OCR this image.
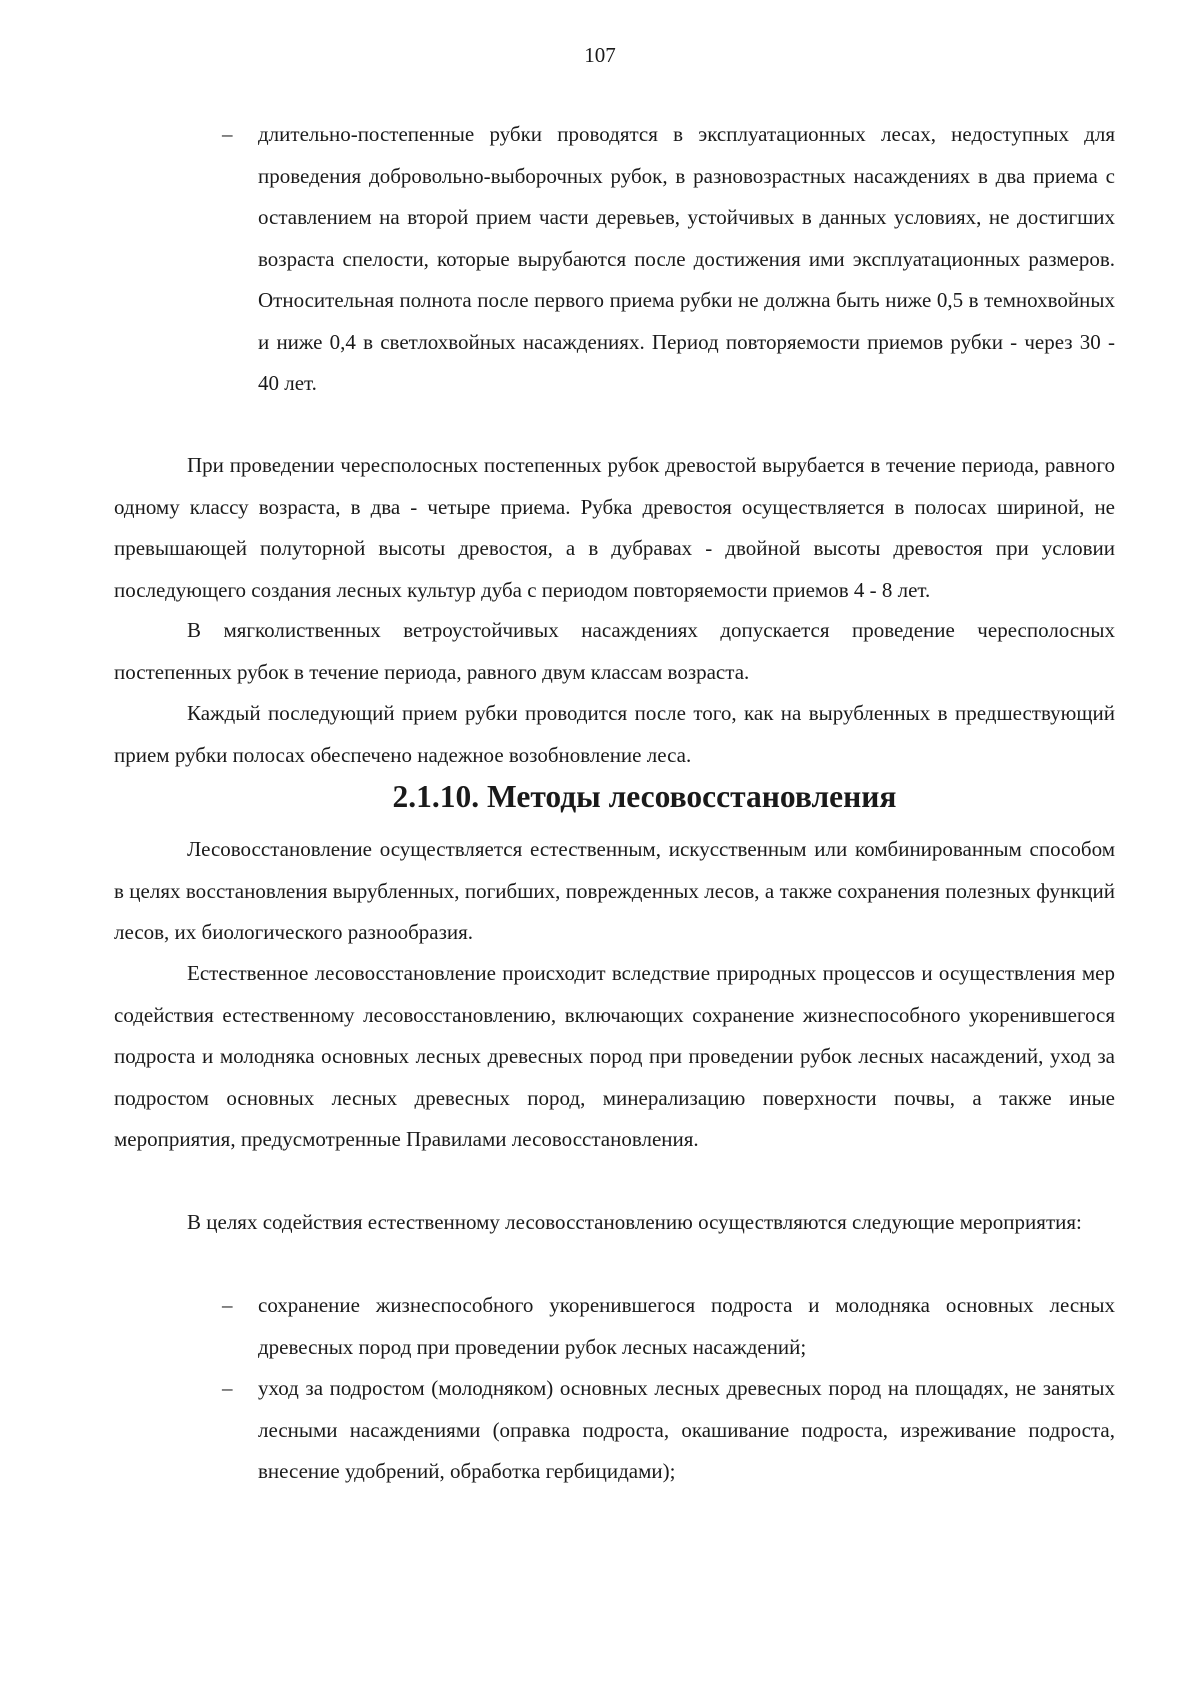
107

– длительно-постепенные рубки проводятся в эксплуатационных лесах, недоступных для проведения добровольно-выборочных рубок, в разновозрастных насаждениях в два приема с оставлением на второй прием части деревьев, устойчивых в данных условиях, не достигших возраста спелости, которые вырубаются после достижения ими эксплуатационных размеров. Относительная полнота после первого приема рубки не должна быть ниже 0,5 в темнохвойных и ниже 0,4 в светлохвойных насаждениях. Период повторяемости приемов рубки - через 30 - 40 лет.

При проведении чересполосных постепенных рубок древостой вырубается в течение периода, равного одному классу возраста, в два - четыре приема. Рубка древостоя осуществляется в полосах шириной, не превышающей полуторной высоты древостоя, а в дубравах - двойной высоты древостоя при условии последующего создания лесных культур дуба с периодом повторяемости приемов 4 - 8 лет.

В мягколиственных ветроустойчивых насаждениях допускается проведение чересполосных постепенных рубок в течение периода, равного двум классам возраста.

Каждый последующий прием рубки проводится после того, как на вырубленных в предшествующий прием рубки полосах обеспечено надежное возобновление леса.

2.1.10. Методы лесовосстановления

Лесовосстановление осуществляется естественным, искусственным или комбинированным способом в целях восстановления вырубленных, погибших, поврежденных лесов, а также сохранения полезных функций лесов, их биологического разнообразия.

Естественное лесовосстановление происходит вследствие природных процессов и осуществления мер содействия естественному лесовосстановлению, включающих сохранение жизнеспособного укоренившегося подроста и молодняка основных лесных древесных пород при проведении рубок лесных насаждений, уход за подростом основных лесных древесных пород, минерализацию поверхности почвы, а также иные мероприятия, предусмотренные Правилами лесовосстановления.

В целях содействия естественному лесовосстановлению осуществляются следующие мероприятия:

– сохранение жизнеспособного укоренившегося подроста и молодняка основных лесных древесных пород при проведении рубок лесных насаждений;

– уход за подростом (молодняком) основных лесных древесных пород на площадях, не занятых лесными насаждениями (оправка подроста, окашивание подроста, изреживание подроста, внесение удобрений, обработка гербицидами);
